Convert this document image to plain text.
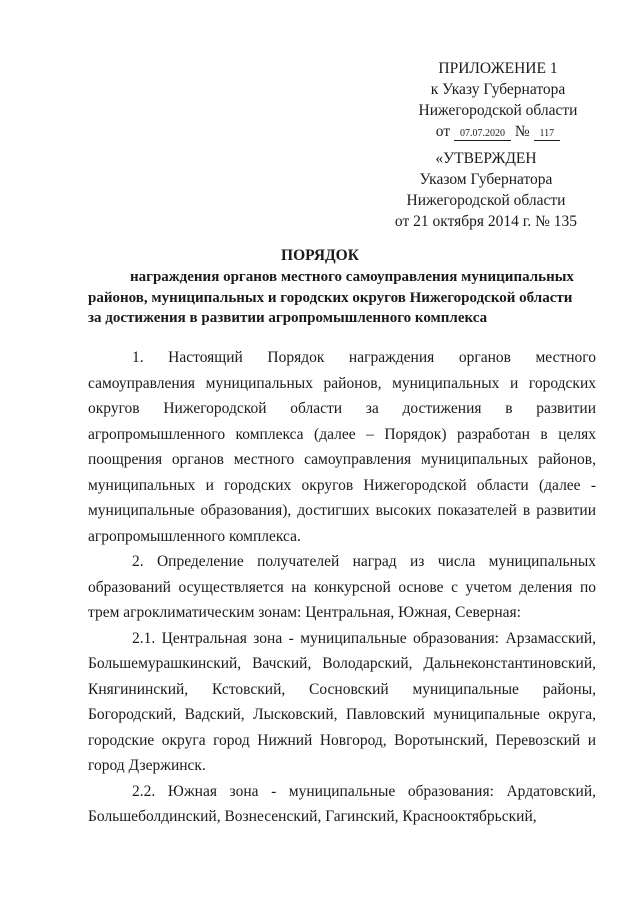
ПРИЛОЖЕНИЕ 1
к Указу Губернатора
Нижегородской области
от 07.07.2020 № 117
«УТВЕРЖДЕН
Указом Губернатора
Нижегородской области
от 21 октября 2014 г. № 135
ПОРЯДОК
награждения органов местного самоуправления муниципальных
районов, муниципальных и городских округов Нижегородской области
за достижения в развитии агропромышленного комплекса

1. Настоящий Порядок награждения органов местного самоуправления муниципальных районов, муниципальных и городских округов Нижегородской области за достижения в развитии агропромышленного комплекса (далее – Порядок) разработан в целях поощрения органов местного самоуправления муниципальных районов, муниципальных и городских округов Нижегородской области (далее - муниципальные образования), достигших высоких показателей в развитии агропромышленного комплекса.

2. Определение получателей наград из числа муниципальных образований осуществляется на конкурсной основе с учетом деления по трем агроклиматическим зонам: Центральная, Южная, Северная:

2.1. Центральная зона - муниципальные образования: Арзамасский, Большемурашкинский, Вачский, Володарский, Дальнеконстантиновский, Княгининский, Кстовский, Сосновский муниципальные районы, Богородский, Вадский, Лысковский, Павловский муниципальные округа, городские округа город Нижний Новгород, Воротынский, Перевозский и город Дзержинск.

2.2. Южная зона - муниципальные образования: Ардатовский, Большеболдинский, Вознесенский, Гагинский, Краснооктябрьский,
